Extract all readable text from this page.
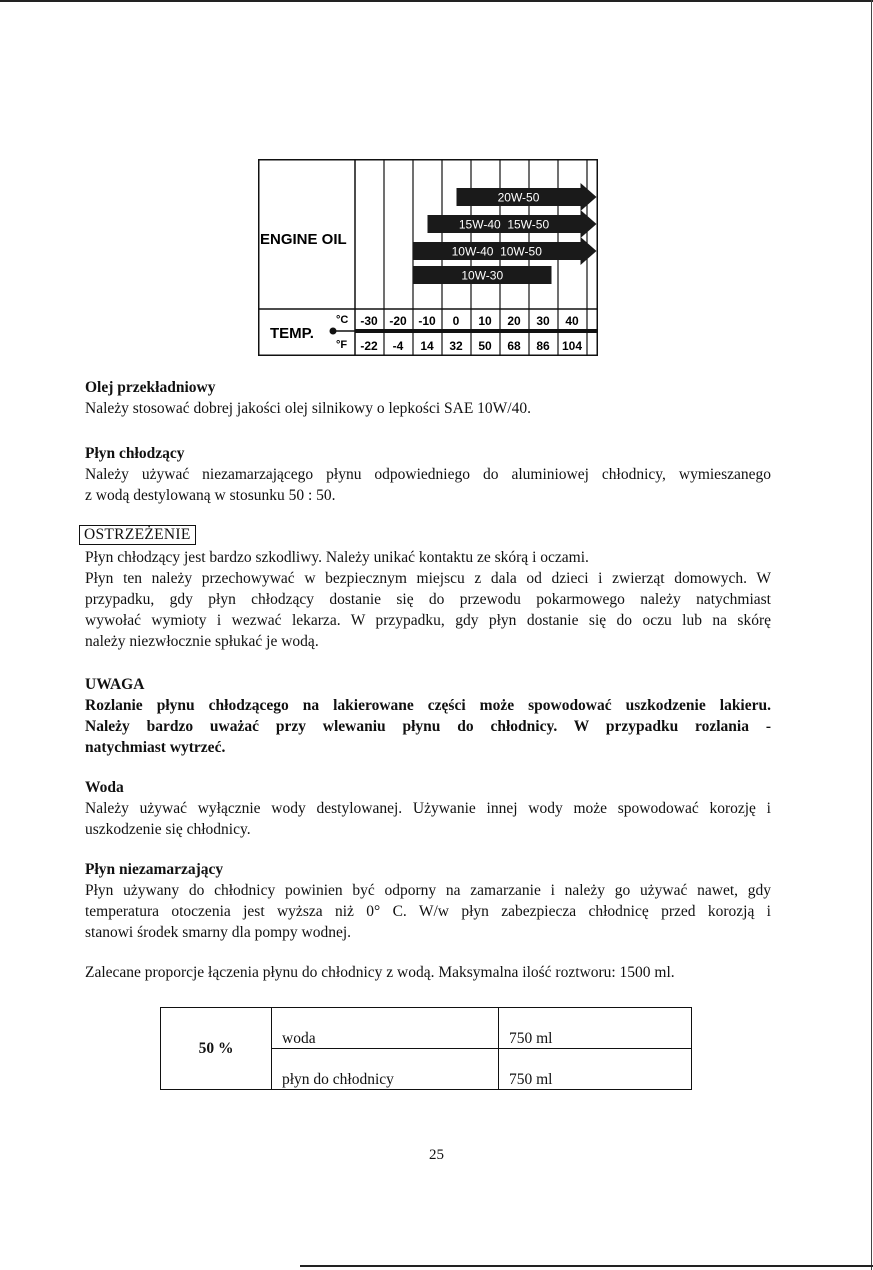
20W-50
15W-40  15W-50
10W-40  10W-50
10W-30
ENGINE OIL
TEMP.
°C
°F
-30 -20 -10 0 10 20 30 40
-22 -4 14 32 50 68 86 104

Olej przekładniowy

Należy stosować dobrej jakości olej silnikowy o lepkości SAE 10W/40.

Płyn chłodzący

Należy używać niezamarzającego płynu odpowiedniego do aluminiowej chłodnicy, wymieszanego

z wodą destylowaną w stosunku 50 : 50.

OSTRZEŻENIE

Płyn chłodzący jest bardzo szkodliwy. Należy unikać kontaktu ze skórą i oczami.

Płyn ten należy przechowywać w bezpiecznym miejscu z dala od dzieci i zwierząt domowych. W

przypadku, gdy płyn chłodzący dostanie się do przewodu pokarmowego należy natychmiast

wywołać wymioty i wezwać lekarza. W przypadku, gdy płyn dostanie się do oczu lub na skórę

należy niezwłocznie spłukać je wodą.

UWAGA

Rozlanie płynu chłodzącego na lakierowane części może spowodować uszkodzenie lakieru.

Należy bardzo uważać przy wlewaniu płynu do chłodnicy. W przypadku rozlania -

natychmiast wytrzeć.

Woda

Należy używać wyłącznie wody destylowanej. Używanie innej wody może spowodować korozję i

uszkodzenie się chłodnicy.

Płyn niezamarzający

Płyn używany do chłodnicy powinien być odporny na zamarzanie i należy go używać nawet, gdy

temperatura otoczenia jest wyższa niż 0° C. W/w płyn zabezpiecza chłodnicę przed korozją i

stanowi środek smarny dla pompy wodnej.

Zalecane proporcje łączenia płynu do chłodnicy z wodą. Maksymalna ilość roztworu: 1500 ml.

50 %	woda	750 ml
	płyn do chłodnicy	750 ml
25
